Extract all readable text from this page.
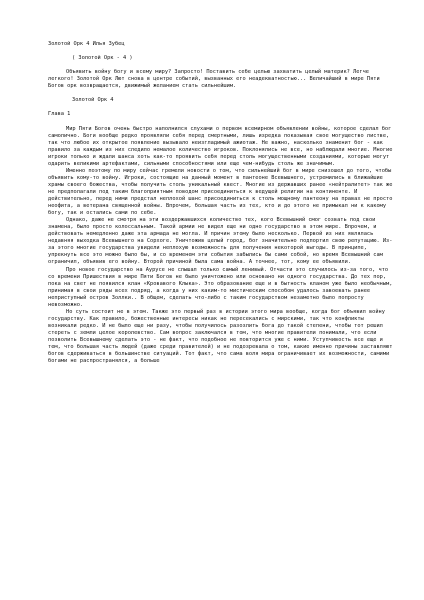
Золотой Орк 4 Илья Зубец
( Золотой Орк - 4 )
Объявить войну богу и всему миру? Запросто! Поставить себе целью захватить целый материк? Легче легкого! Золотой Орк Лют снова в центре событий, вызванных его неадекватностью... Величайший в мире Пяти Богов орк возвращается, движимый желанием стать сильнейшим.
Золотой Орк 4
Глава 1
Мир Пяти Богов очень быстро наполнился слухами о первом всемирном объявлении войны, которое сделал бог самолично. Боги вообще редко проявляли себя перед смертными, лишь изредка показывая свое могущество листве, так что любое их открытое появление вызывало неизгладимый ажиотаж. Не важно, насколько знаменит бог - как правило за каждым из них следило немалое количество игроков. Поклонялись не все, но наблюдали многие. Многие игроки только и ждали шанса хоть как-то проявить себя перед столь могущественными созданиями, которые могут одарить великими артефактами, сильными способностями или еще чем-нибудь столь же значимым.
Именно поэтому по миру сейчас гремели новости о том, что сильнейший бог в мире снизошел до того, чтобы объявить кому-то войну. Игроки, состоящие на данный момент в пантеоне Всевышнего, устремились в ближайшие храмы своего божества, чтобы получить столь уникальный квест. Многие из державших ранее «нейтралитет» так же не предполагали под таким благоприятным поводом присоединиться к ведущей религии на континенте. И действительно, перед ними предстал неплохой шанс присоединиться к столь мощному пантеону на правах не просто неофита, а ветерана священной войны. Впрочем, большая часть из тех, кто и до этого не примыкал ни к какому богу, так и остались сами по себе.
Однако, даже не смотря на эти воздержавшихся количество тех, кого Всевышний смог созвать под свои знамена, было просто колоссальным. Такой армии не видел еще ни одно государство в этом мире. Впрочем, и действовать немедленно даже эта армада не могла. И причин этому было несколько. Первой из них являлась недавняя выходка Всевышнего на Сорхоге. Уничтожив целый город, бог значительно подпортил свою репутацию. Из-за этого многие государства увидели неплохую возможность для получения некоторой выгоды. В принципе, упрекнуть все это можно было бы, и со временем эти события забылись бы сами собой, но время Всевышний сам ограничил, объявив его войну. Второй причиной была сама война. А точнее, тот, кому ее объявили.
Про новое государство на Аурусе не слышал только самый ленивый. Отчасти это случилось из-за того, что со времени Пришествия в мире Пяти Богов не было уничтожено или основано ни одного государства. До тех пор, пока на свет не появился клан «Кровавого Клыка». Это образование еще и в бытность кланом уже было необычным, принимая в свои ряды всех подряд, а когда у них каким-то мистическим способом удалось завоевать ранее неприступный остров Золлки.. В общем, сделать что-либо с таким государством незаметно было попросту невозможно.
Но суть состоит не в этом. Также это первый раз в истории этого мира вообще, когда бог объявил войну государству. Как правило, божественные интересы никак не пересекались с мирскими, так что конфликты возникали редко. И не было еще ни разу, чтобы получилось разозлить бога до такой степени, чтобы тот решил стереть с земли целое королевство. Сам вопрос заключался в том, что многие правители понимали, что если позволить Всевышнему сделать это - не факт, что подобное не повторится уже с ними. Уступчивость все еще и тем, что большая часть людей (даже среди правителей) и не подозревала о том, какие именно причины заставляют богов сдерживаться в большинстве ситуаций. Тот факт, что сама воля мира ограничивает их возможности, самими богами не распространялся, а больше
